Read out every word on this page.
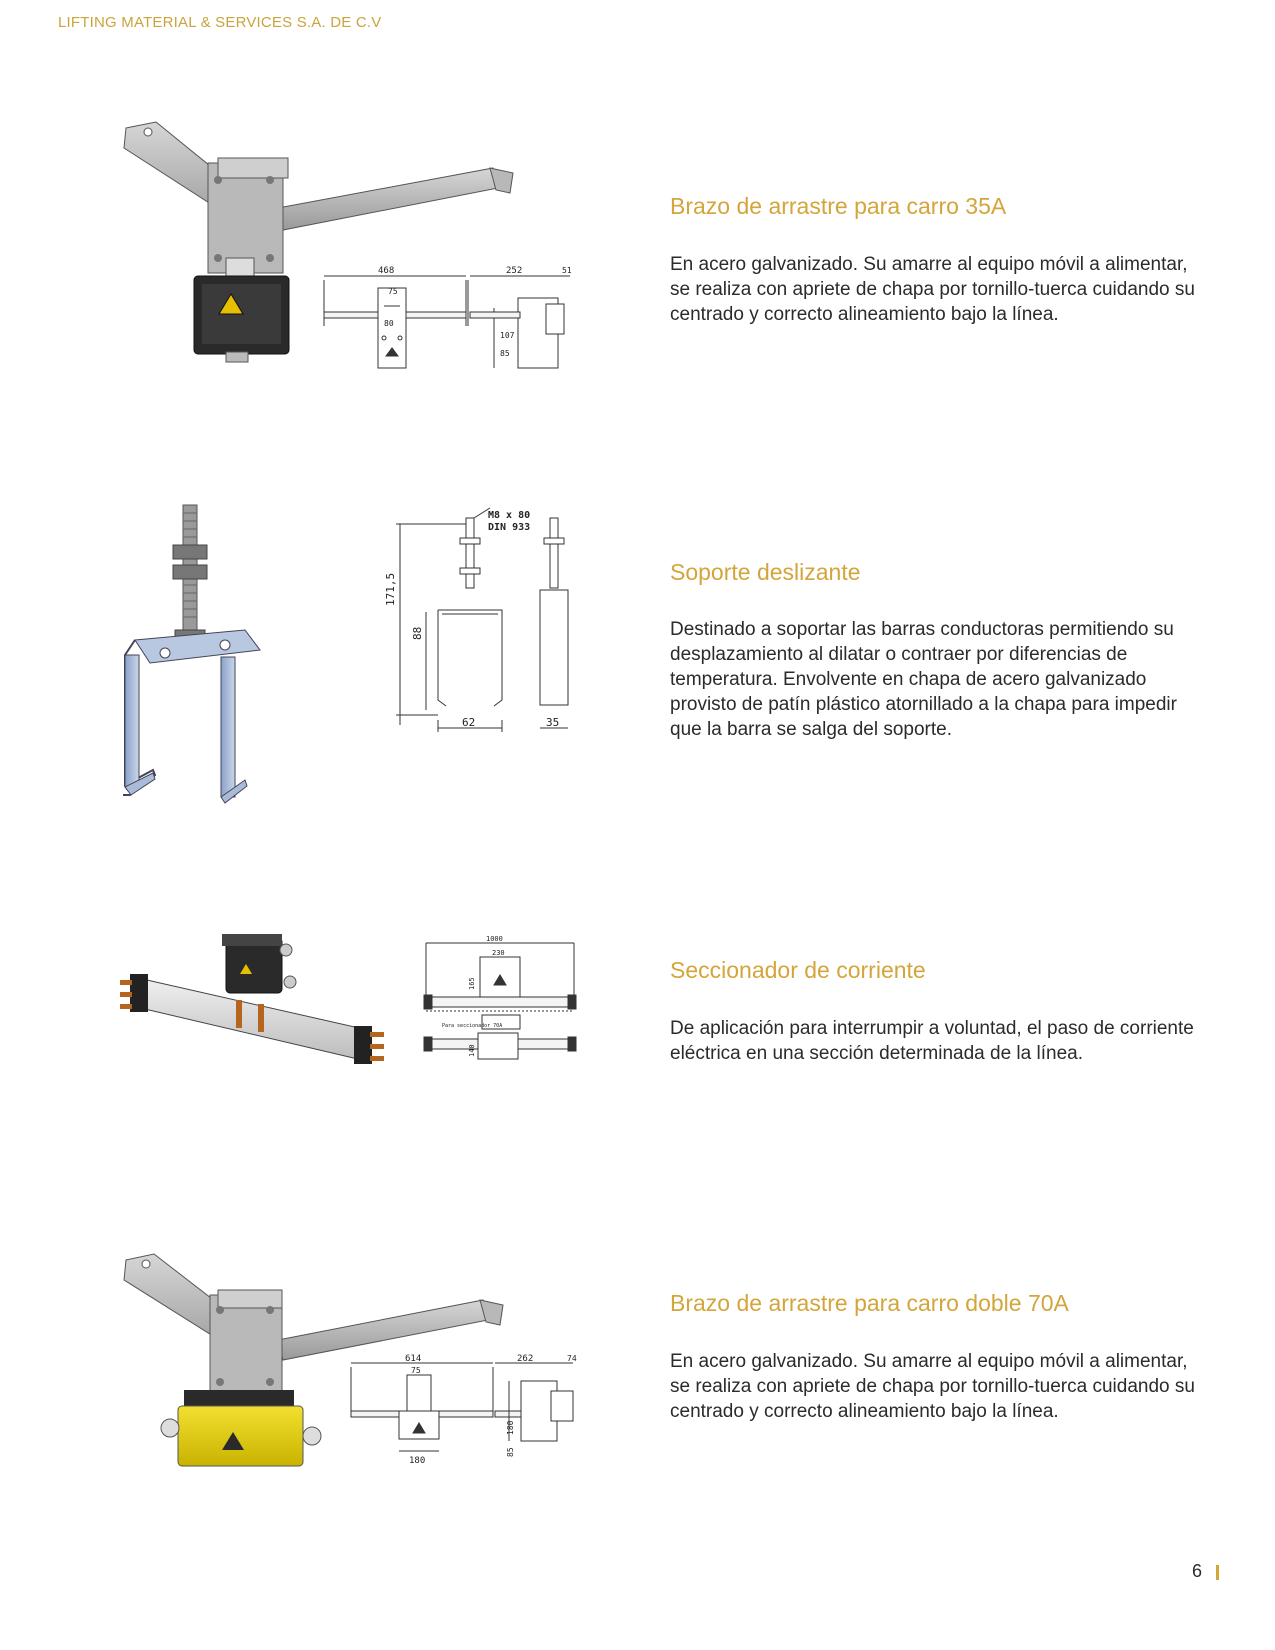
LIFTING MATERIAL & SERVICES S.A. DE C.V
468
75
252	51
107
85
80
Brazo de arrastre para carro 35A

En acero galvanizado. Su amarre al equipo móvil a alimentar, se realiza con apriete de chapa por tornillo-tuerca cuidando su centrado y correcto alineamiento bajo la línea.

M8 x 80
DIN 933
171,5
88
62	35
Soporte deslizante

Destinado a soportar las barras conductoras permitiendo su desplazamiento al dilatar o contraer por diferencias de temperatura. Envolvente en chapa de acero galvanizado provisto de patín plástico atornillado a la chapa para impedir que la barra se salga del soporte.

1000
230
165
Para seccionador 70A
140
Seccionador de corriente

De aplicación para interrumpir a voluntad, el paso de corriente eléctrica en una sección determinada de la línea.

614
75
262	74
180
85
180
Brazo de arrastre para carro doble 70A

En acero galvanizado. Su amarre al equipo móvil a alimentar, se realiza con apriete de chapa por tornillo-tuerca cuidando su centrado y correcto alineamiento bajo la línea.

6
